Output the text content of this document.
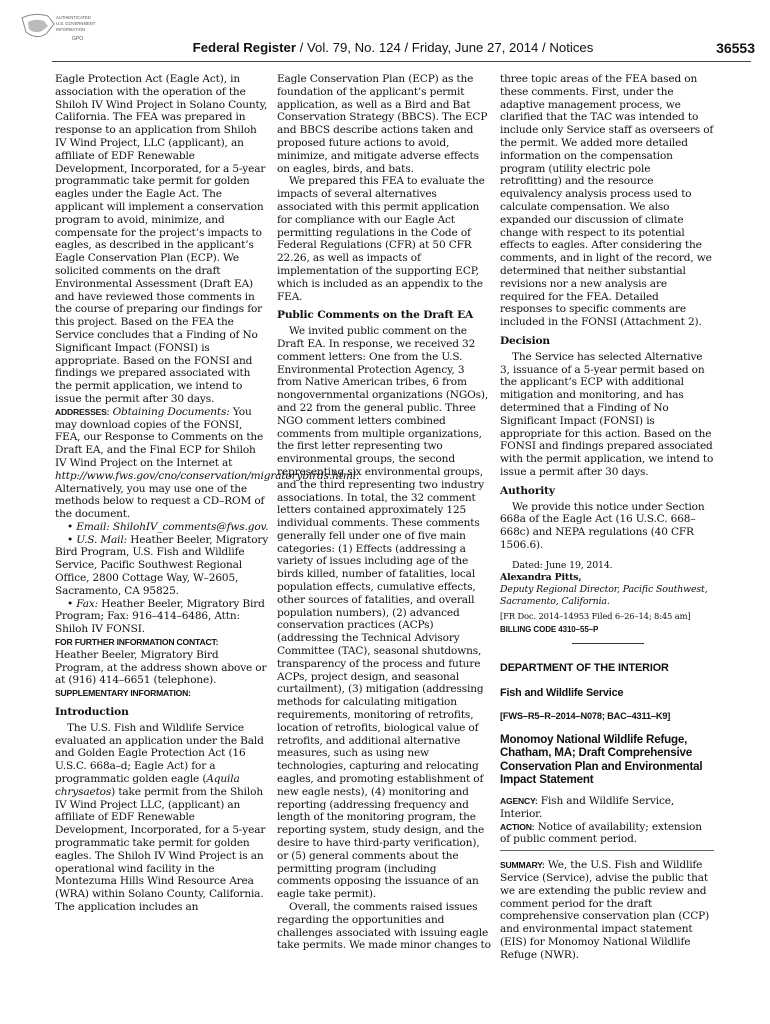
AUTHENTICATED
U.S. GOVERNMENT
INFORMATION
GPO
Federal Register / Vol. 79, No. 124 / Friday, June 27, 2014 / Notices	36553

Eagle Protection Act (Eagle Act), in association with the operation of the Shiloh IV Wind Project in Solano County, California. The FEA was prepared in response to an application from Shiloh IV Wind Project, LLC (applicant), an affiliate of EDF Renewable Development, Incorporated, for a 5-year programmatic take permit for golden eagles under the Eagle Act. The applicant will implement a conservation program to avoid, minimize, and compensate for the project’s impacts to eagles, as described in the applicant’s Eagle Conservation Plan (ECP). We solicited comments on the draft Environmental Assessment (Draft EA) and have reviewed those comments in the course of preparing our findings for this project. Based on the FEA the Service concludes that a Finding of No Significant Impact (FONSI) is appropriate. Based on the FONSI and findings we prepared associated with the permit application, we intend to issue the permit after 30 days.

ADDRESSES: Obtaining Documents: You may download copies of the FONSI, FEA, our Response to Comments on the Draft EA, and the Final ECP for Shiloh IV Wind Project on the Internet at http://www.fws.gov/cno/conservation/migratorybirds.html. Alternatively, you may use one of the methods below to request a CD–ROM of the document.

• Email: ShilohIV_comments@fws.gov.

• U.S. Mail: Heather Beeler, Migratory Bird Program, U.S. Fish and Wildlife Service, Pacific Southwest Regional Office, 2800 Cottage Way, W–2605, Sacramento, CA 95825.

• Fax: Heather Beeler, Migratory Bird Program; Fax: 916–414–6486, Attn: Shiloh IV FONSI.

FOR FURTHER INFORMATION CONTACT:
Heather Beeler, Migratory Bird Program, at the address shown above or at (916) 414–6651 (telephone).

SUPPLEMENTARY INFORMATION:

Introduction

The U.S. Fish and Wildlife Service evaluated an application under the Bald and Golden Eagle Protection Act (16 U.S.C. 668a–d; Eagle Act) for a programmatic golden eagle (Aquila chrysaetos) take permit from the Shiloh IV Wind Project LLC, (applicant) an affiliate of EDF Renewable Development, Incorporated, for a 5-year programmatic take permit for golden eagles. The Shiloh IV Wind Project is an operational wind facility in the Montezuma Hills Wind Resource Area (WRA) within Solano County, California. The application includes an

Eagle Conservation Plan (ECP) as the foundation of the applicant’s permit application, as well as a Bird and Bat Conservation Strategy (BBCS). The ECP and BBCS describe actions taken and proposed future actions to avoid, minimize, and mitigate adverse effects on eagles, birds, and bats.

We prepared this FEA to evaluate the impacts of several alternatives associated with this permit application for compliance with our Eagle Act permitting regulations in the Code of Federal Regulations (CFR) at 50 CFR 22.26, as well as impacts of implementation of the supporting ECP, which is included as an appendix to the FEA.

Public Comments on the Draft EA

We invited public comment on the Draft EA. In response, we received 32 comment letters: One from the U.S. Environmental Protection Agency, 3 from Native American tribes, 6 from nongovernmental organizations (NGOs), and 22 from the general public. Three NGO comment letters combined comments from multiple organizations, the first letter representing two environmental groups, the second representing six environmental groups, and the third representing two industry associations. In total, the 32 comment letters contained approximately 125 individual comments. These comments generally fell under one of five main categories: (1) Effects (addressing a variety of issues including age of the birds killed, number of fatalities, local population effects, cumulative effects, other sources of fatalities, and overall population numbers), (2) advanced conservation practices (ACPs) (addressing the Technical Advisory Committee (TAC), seasonal shutdowns, transparency of the process and future ACPs, project design, and seasonal curtailment), (3) mitigation (addressing methods for calculating mitigation requirements, monitoring of retrofits, location of retrofits, biological value of retrofits, and additional alternative measures, such as using new technologies, capturing and relocating eagles, and promoting establishment of new eagle nests), (4) monitoring and reporting (addressing frequency and length of the monitoring program, the reporting system, study design, and the desire to have third-party verification), or (5) general comments about the permitting program (including comments opposing the issuance of an eagle take permit).

Overall, the comments raised issues regarding the opportunities and challenges associated with issuing eagle take permits. We made minor changes to

three topic areas of the FEA based on these comments. First, under the adaptive management process, we clarified that the TAC was intended to include only Service staff as overseers of the permit. We added more detailed information on the compensation program (utility electric pole retrofitting) and the resource equivalency analysis process used to calculate compensation. We also expanded our discussion of climate change with respect to its potential effects to eagles. After considering the comments, and in light of the record, we determined that neither substantial revisions nor a new analysis are required for the FEA. Detailed responses to specific comments are included in the FONSI (Attachment 2).

Decision

The Service has selected Alternative 3, issuance of a 5-year permit based on the applicant’s ECP with additional mitigation and monitoring, and has determined that a Finding of No Significant Impact (FONSI) is appropriate for this action. Based on the FONSI and findings prepared associated with the permit application, we intend to issue a permit after 30 days.

Authority

We provide this notice under Section 668a of the Eagle Act (16 U.S.C. 668–668c) and NEPA regulations (40 CFR 1506.6).

Dated: June 19, 2014.

Alexandra Pitts,

Deputy Regional Director, Pacific Southwest, Sacramento, California.

[FR Doc. 2014–14953 Filed 6–26–14; 8:45 am]

BILLING CODE 4310–55–P

DEPARTMENT OF THE INTERIOR

Fish and Wildlife Service

[FWS–R5–R–2014–N078; BAC–4311–K9]

Monomoy National Wildlife Refuge, Chatham, MA; Draft Comprehensive Conservation Plan and Environmental Impact Statement

AGENCY: Fish and Wildlife Service, Interior.

ACTION: Notice of availability; extension of public comment period.

SUMMARY: We, the U.S. Fish and Wildlife Service (Service), advise the public that we are extending the public review and comment period for the draft comprehensive conservation plan (CCP) and environmental impact statement (EIS) for Monomoy National Wildlife Refuge (NWR).
